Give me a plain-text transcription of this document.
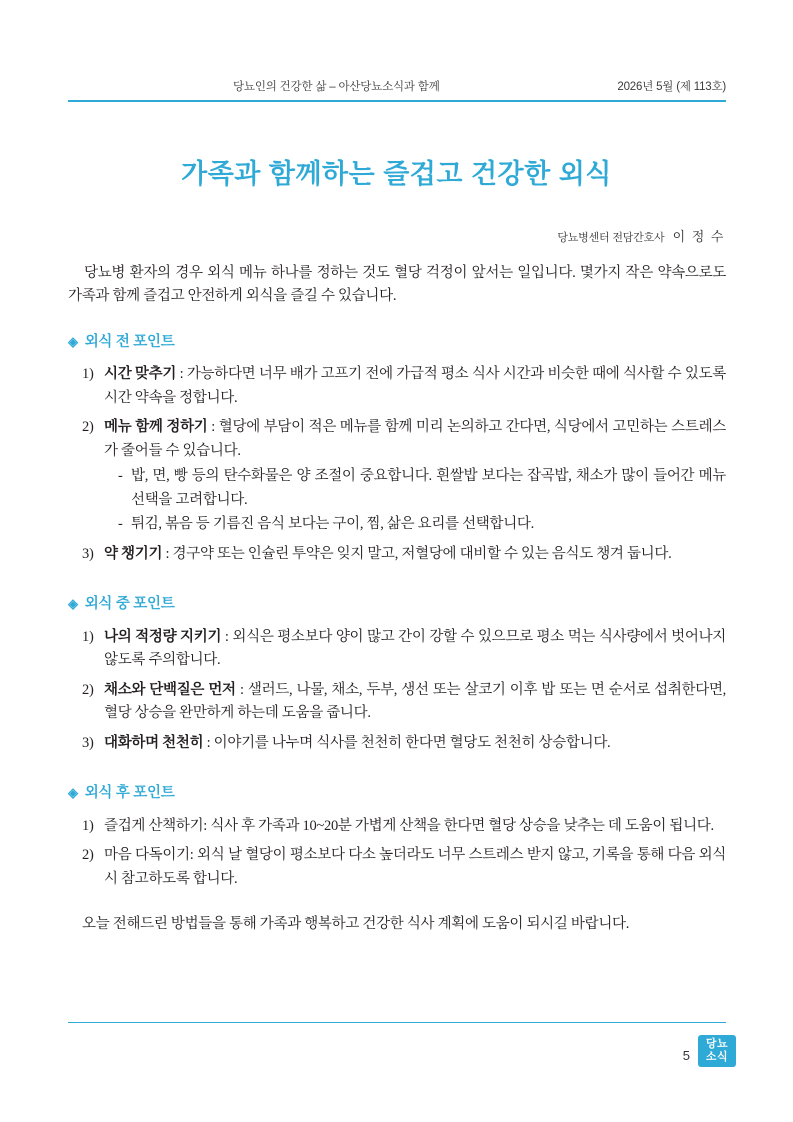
당뇨인의 건강한 삶 – 아산당뇨소식과 함께	2026년 5월 (제 113호)
가족과 함께하는 즐겁고 건강한 외식
당뇨병센터 전담간호사 이 정 수

당뇨병 환자의 경우 외식 메뉴 하나를 정하는 것도 혈당 걱정이 앞서는 일입니다. 몇가지 작은 약속으로도 가족과 함께 즐겁고 안전하게 외식을 즐길 수 있습니다.

◈ 외식 전 포인트
1) 시간 맞추기 : 가능하다면 너무 배가 고프기 전에 가급적 평소 식사 시간과 비슷한 때에 식사할 수 있도록 시간 약속을 정합니다.
2) 메뉴 함께 정하기 : 혈당에 부담이 적은 메뉴를 함께 미리 논의하고 간다면, 식당에서 고민하는 스트레스가 줄어들 수 있습니다.
- 밥, 면, 빵 등의 탄수화물은 양 조절이 중요합니다. 흰쌀밥 보다는 잡곡밥, 채소가 많이 들어간 메뉴 선택을 고려합니다.
- 튀김, 볶음 등 기름진 음식 보다는 구이, 찜, 삶은 요리를 선택합니다.
3) 약 챙기기 : 경구약 또는 인슐린 투약은 잊지 말고, 저혈당에 대비할 수 있는 음식도 챙겨 둡니다.
◈ 외식 중 포인트
1) 나의 적정량 지키기 : 외식은 평소보다 양이 많고 간이 강할 수 있으므로 평소 먹는 식사량에서 벗어나지 않도록 주의합니다.
2) 채소와 단백질은 먼저 : 샐러드, 나물, 채소, 두부, 생선 또는 살코기 이후 밥 또는 면 순서로 섭취한다면, 혈당 상승을 완만하게 하는데 도움을 줍니다.
3) 대화하며 천천히 : 이야기를 나누며 식사를 천천히 한다면 혈당도 천천히 상승합니다.
◈ 외식 후 포인트
1) 즐겁게 산책하기: 식사 후 가족과 10~20분 가볍게 산책을 한다면 혈당 상승을 낮추는 데 도움이 됩니다.
2) 마음 다독이기: 외식 날 혈당이 평소보다 다소 높더라도 너무 스트레스 받지 않고, 기록을 통해 다음 외식 시 참고하도록 합니다.

오늘 전해드린 방법들을 통해 가족과 행복하고 건강한 식사 계획에 도움이 되시길 바랍니다.

5
당뇨
소식
